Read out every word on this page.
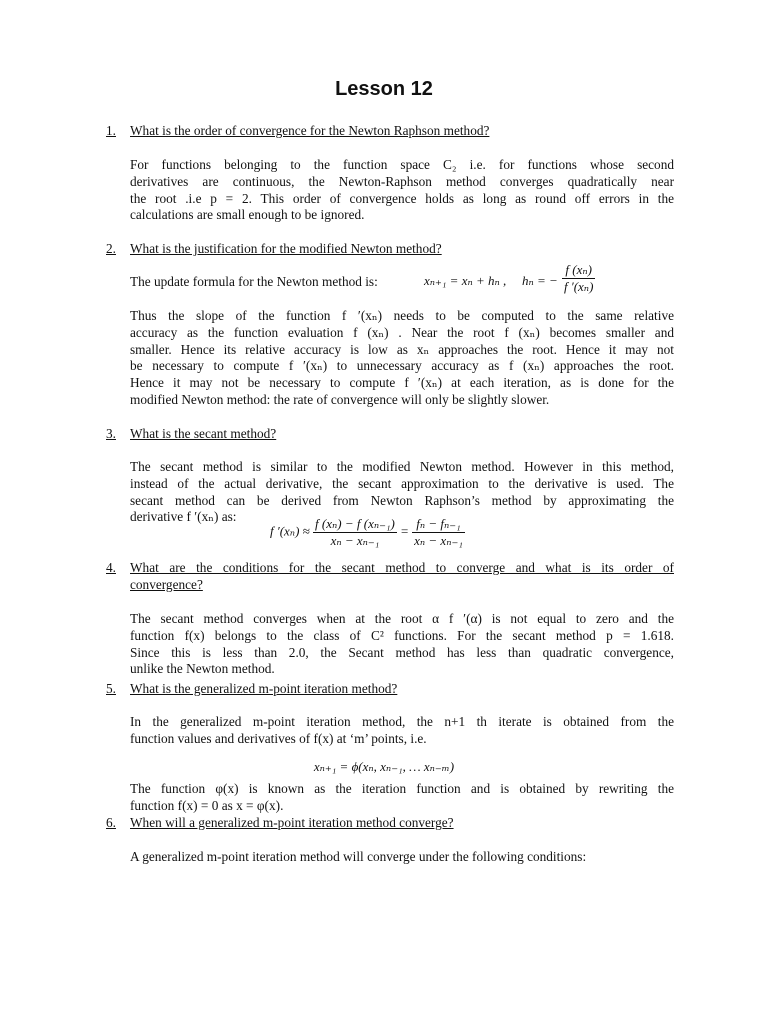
Lesson 12
1. What is the order of convergence for the Newton Raphson method?
For functions belonging to the function space C₂ i.e. for functions whose second
derivatives are continuous, the Newton-Raphson method converges quadratically near
the root .i.e p = 2. This order of convergence holds as long as round off errors in the
calculations are small enough to be ignored.
2. What is the justification for the modified Newton method?
The update formula for the Newton method is:	xₙ₊₁ = xₙ + hₙ , hₙ = − $\frac{\text{f (xₙ)}}{\text{f ′(xₙ)}}$
Thus the slope of the function f ′(xₙ) needs to be computed to the same relative
accuracy as the function evaluation f (xₙ) . Near the root f (xₙ) becomes smaller and
smaller. Hence its relative accuracy is low as xₙ approaches the root. Hence it may not
be necessary to compute f ′(xₙ) to unnecessary accuracy as f (xₙ) approaches the root.
Hence it may not be necessary to compute f ′(xₙ) at each iteration, as is done for the
modified Newton method: the rate of convergence will only be slightly slower.
3. What is the secant method?
The secant method is similar to the modified Newton method. However in this method,
instead of the actual derivative, the secant approximation to the derivative is used. The
secant method can be derived from Newton Raphson’s method by approximating the
derivative f ′(xₙ) as:
f $'(x_n) \approx \frac{\text{f (xₙ) − f (xₙ₋₁)}}{\text{xₙ − xₙ₋₁}} = \frac{\text{fₙ − fₙ₋₁}}{\text{xₙ − xₙ₋₁}}$
4. What are the conditions for the secant method to converge and what is its order of
convergence?
The secant method converges when at the root α f ′(α) is not equal to zero and the
function f(x) belongs to the class of C² functions. For the secant method p = 1.618.
Since this is less than 2.0, the Secant method has less than quadratic convergence,
unlike the Newton method.
5. What is the generalized m-point iteration method?
In the generalized m-point iteration method, the n+1 th iterate is obtained from the
function values and derivatives of f(x) at ‘m’ points, i.e.
xₙ₊₁ = ϕ(xₙ, xₙ₋₁, … xₙ₋ₘ)
The function φ(x) is known as the iteration function and is obtained by rewriting the
function f(x) = 0 as x = φ(x).
6. When will a generalized m-point iteration method converge?
A generalized m-point iteration method will converge under the following conditions:
